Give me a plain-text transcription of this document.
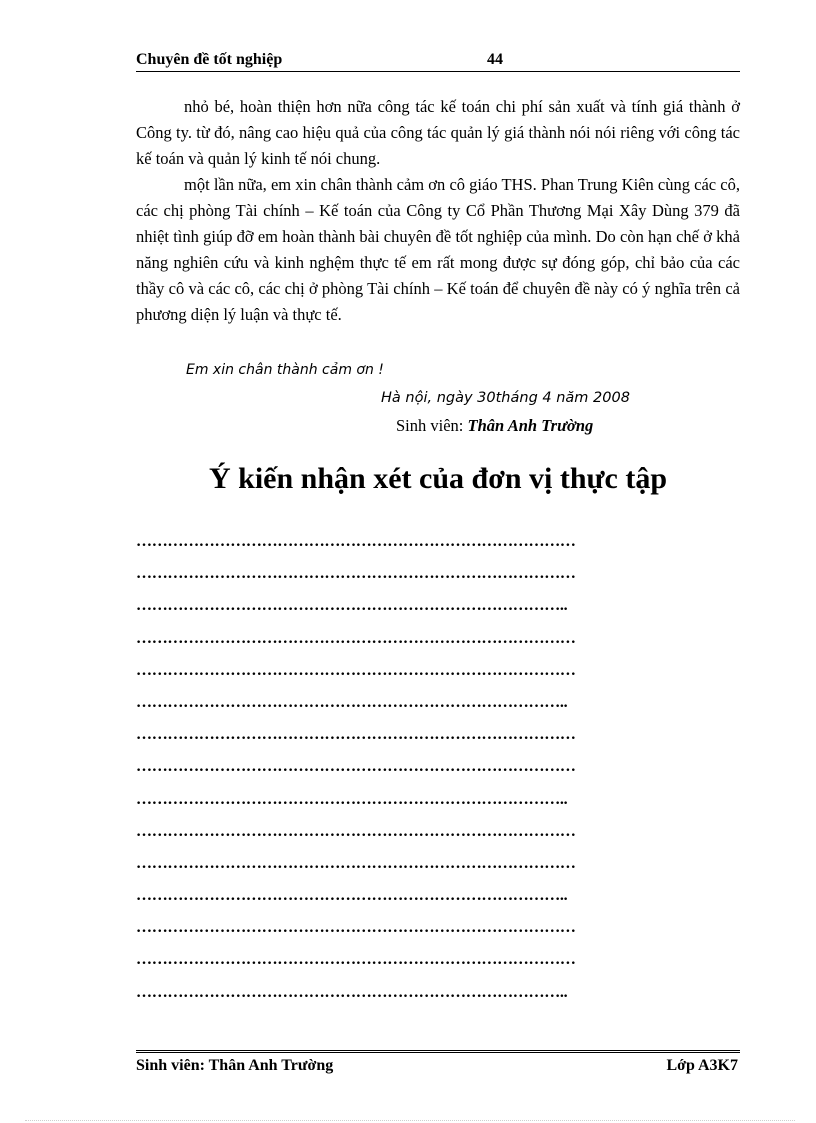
Chuyên đề tốt nghiệp	44

nhỏ bé, hoàn thiện hơn nữa công tác kế toán chi phí sản xuất và tính giá thành ở Công ty. từ đó, nâng cao hiệu quả của công tác quản lý giá thành nói nói riêng với công tác kế toán và quản lý kinh tế nói chung.

một lần nữa, em xin chân thành cảm ơn cô giáo THS. Phan Trung Kiên cùng các cô, các chị phòng Tài chính – Kế toán của Công ty Cổ Phần Thương Mại Xây Dùng 379 đã nhiệt tình giúp đỡ em hoàn thành bài chuyên đề tốt nghiệp của mình. Do còn hạn chế ở khả năng nghiên cứu và kinh nghệm thực tế em rất mong được sự đóng góp, chỉ bảo của các thầy cô và các cô, các chị ở phòng Tài chính – Kế toán để chuyên đề này có ý nghĩa trên cả phương diện lý luận và thực tế.

Em xin chân thành cảm ơn !
Hà nội, ngày 30tháng 4 năm 2008
Sinh viên: Thân Anh Trường
Ý kiến nhận xét của đơn vị thực tập
…………………………………………………………………………
…………………………………………………………………………
………………………………………………………………………..
…………………………………………………………………………
…………………………………………………………………………
………………………………………………………………………..
…………………………………………………………………………
…………………………………………………………………………
………………………………………………………………………..
…………………………………………………………………………
…………………………………………………………………………
………………………………………………………………………..
…………………………………………………………………………
…………………………………………………………………………
………………………………………………………………………..
Sinh viên: Thân Anh Trường	Lớp A3K7
